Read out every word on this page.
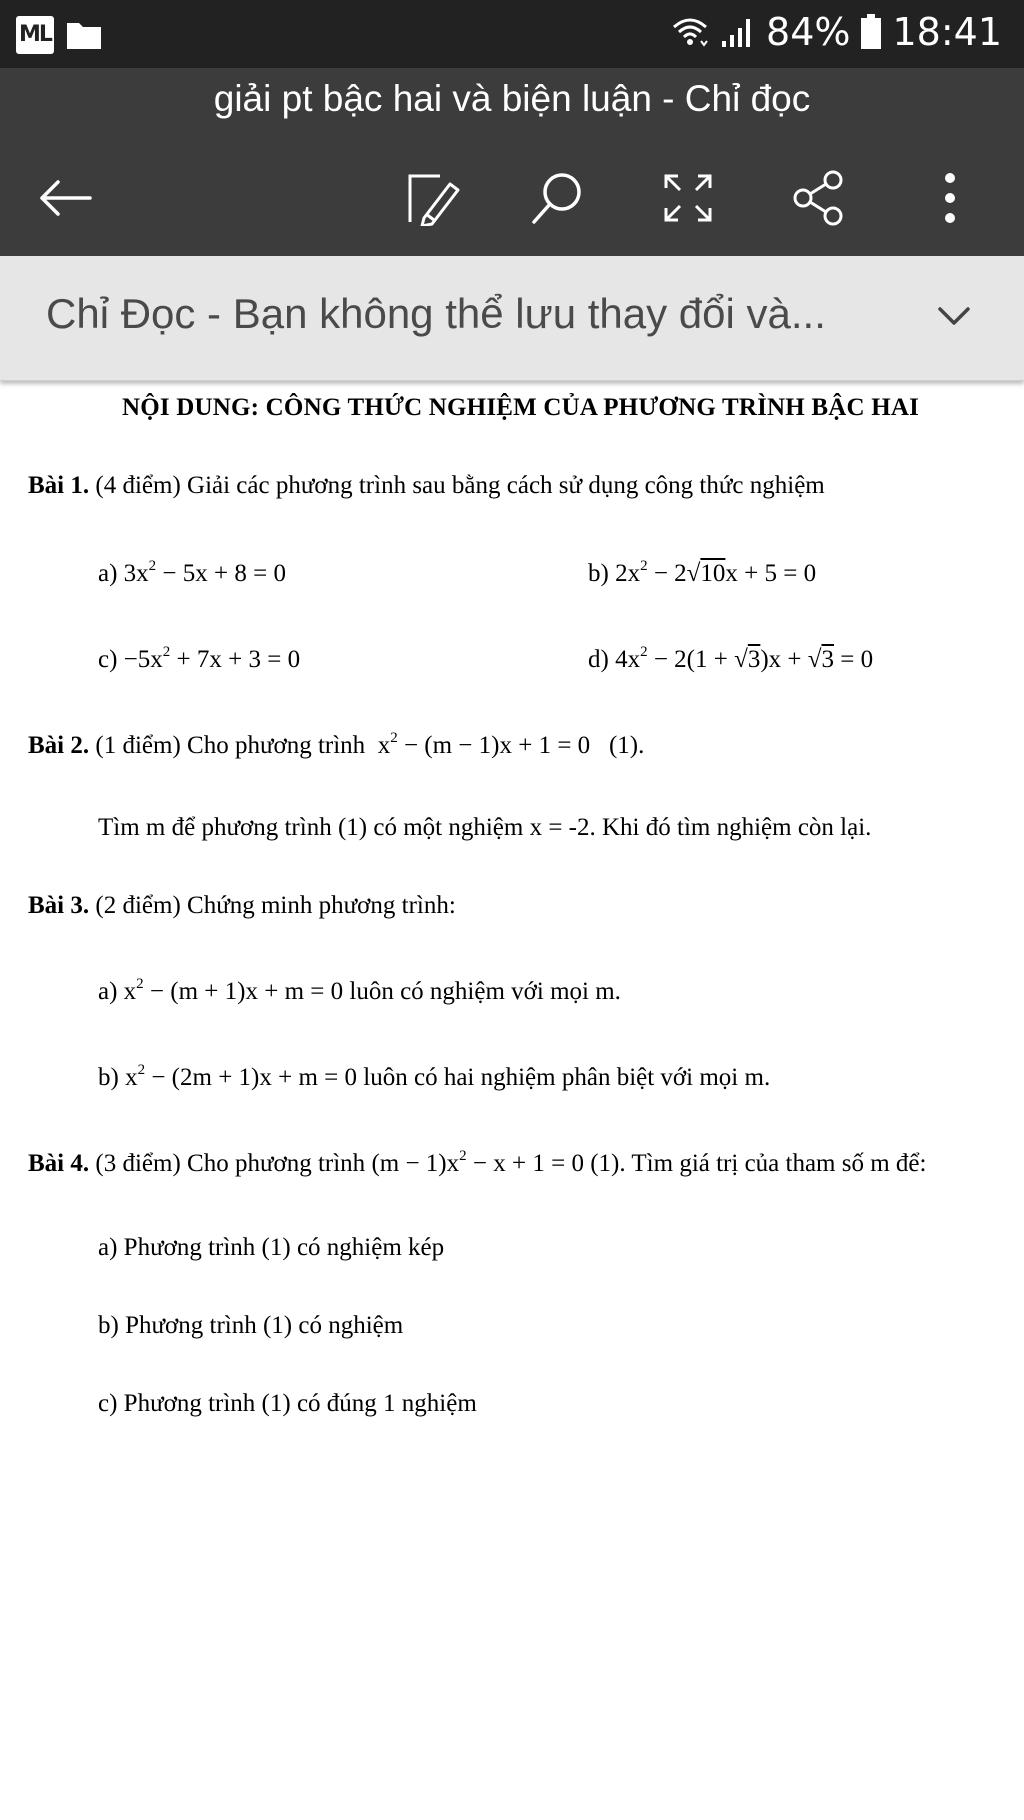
ML	84% 18:41
giải pt bậc hai và biện luận - Chỉ đọc
Chỉ Đọc - Bạn không thể lưu thay đổi và...
NỘI DUNG: CÔNG THỨC NGHIỆM CỦA PHƯƠNG TRÌNH BẬC HAI
Bài 1. (4 điểm) Giải các phương trình sau bằng cách sử dụng công thức nghiệm
a) $3x^2 - 5x + 8 = 0$	b) $2x^2 - 2√10x + 5 = 0$
$c) -5x^2 + 7x + 3 = 0$	d) $4x^2 - 2(1 + √3)x + √3 = 0$
Bài 2. (1 điểm) Cho phương trình  $x^2 - (m - 1)x + 1 = 0$   (1).
Tìm m để phương trình (1) có một nghiệm x = -2. Khi đó tìm nghiệm còn lại.
Bài 3. (2 điểm) Chứng minh phương trình:
a) $x^2 - (m + 1)x + m = 0$ luôn có nghiệm với mọi m.
b) $x^2 - (2m + 1)x + m = 0$ luôn có hai nghiệm phân biệt với mọi m.
Bài 4. (3 điểm) Cho phương trình $(m - 1)x^2 - x + 1 = 0$ (1). Tìm giá trị của tham số m để:
a) Phương trình (1) có nghiệm kép
b) Phương trình (1) có nghiệm
c) Phương trình (1) có đúng 1 nghiệm
